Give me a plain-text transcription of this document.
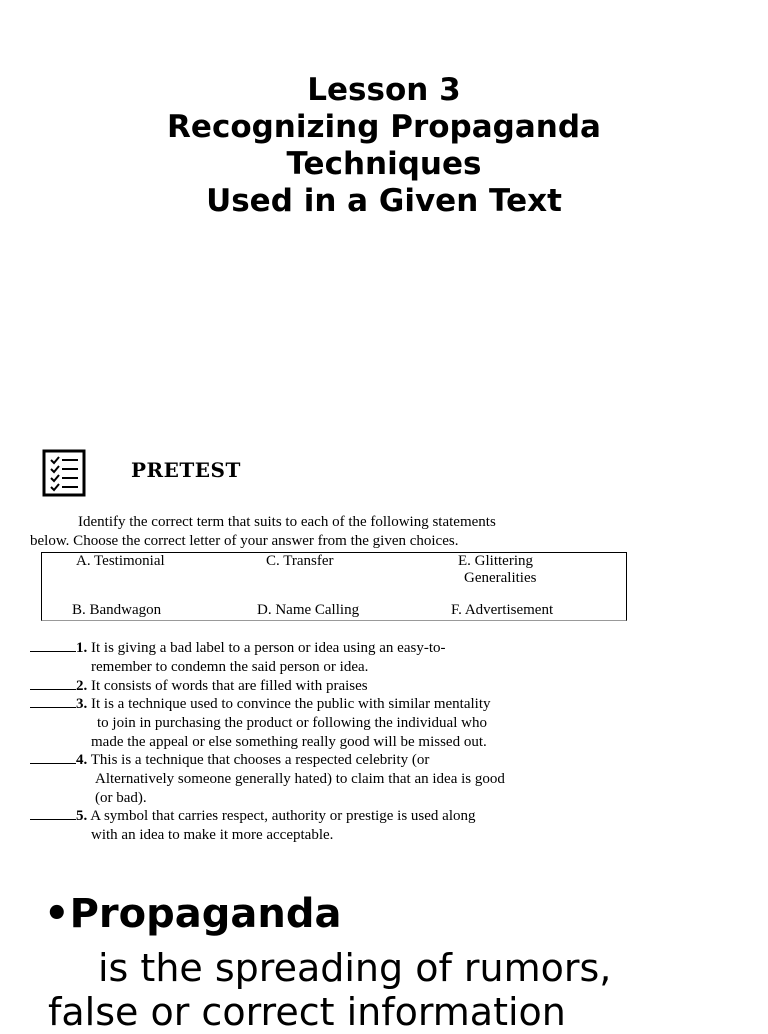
Lesson 3
Recognizing Propaganda
Techniques
Used in a Given Text
PRETEST
Identify the correct term that suits to each of the following statements
below. Choose the correct letter of your answer from the given choices.
A. Testimonial	C. Transfer	E. Glittering
Generalities
B. Bandwagon	D. Name Calling	F. Advertisement
1. It is giving a bad label to a person or idea using an easy-to-
remember to condemn the said person or idea.
2. It consists of words that are filled with praises
3. It is a technique used to convince the public with similar mentality
to join in purchasing the product or following the individual who
made the appeal or else something really good will be missed out.
4. This is a technique that chooses a respected celebrity (or
Alternatively someone generally hated) to claim that an idea is good
(or bad).
5. A symbol that carries respect, authority or prestige is used along
with an idea to make it more acceptable.
•Propaganda
is the spreading of rumors,
false or correct information
